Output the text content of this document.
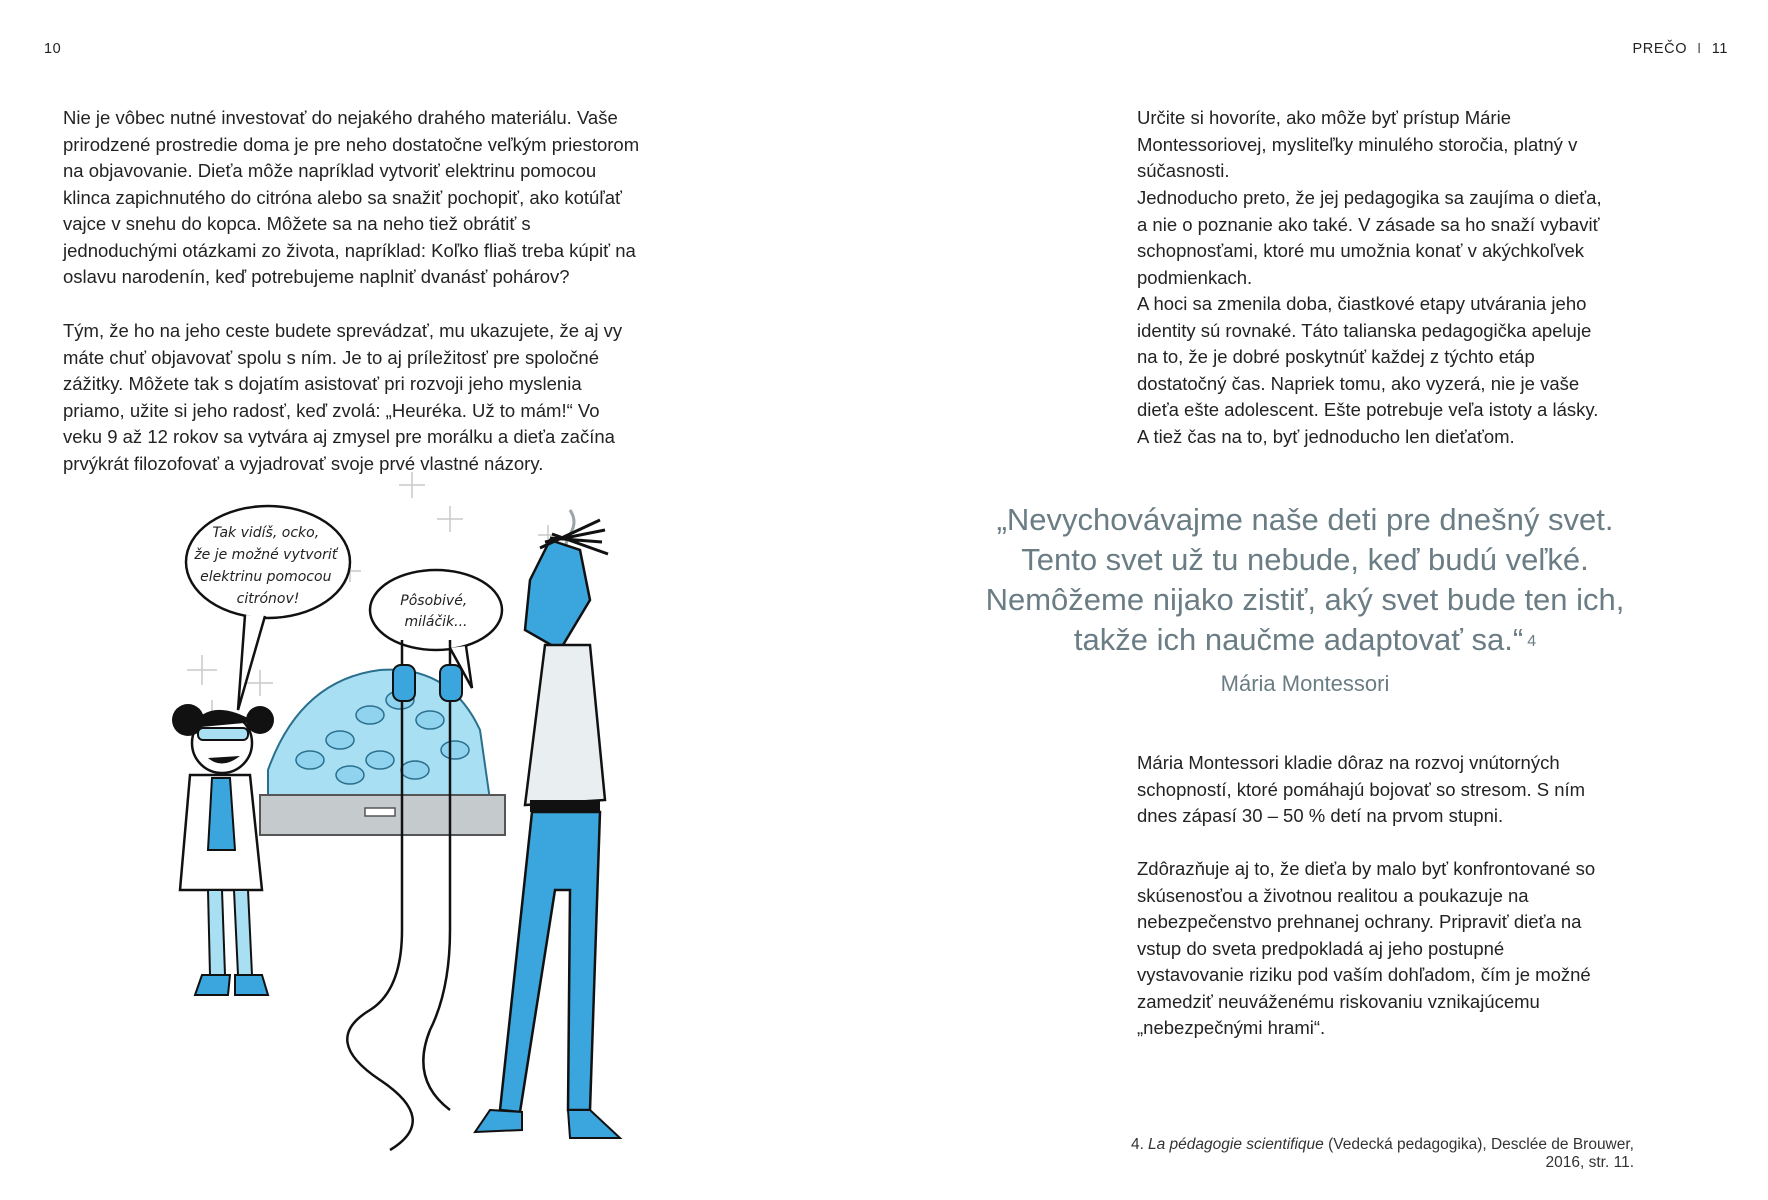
10

Nie je vôbec nutné investovať do nejakého drahého materiálu. Vaše prirodzené prostredie doma je pre neho dostatočne veľkým priestorom na objavovanie. Dieťa môže napríklad vytvoriť elektrinu pomocou klinca zapichnutého do citróna alebo sa snažiť pochopiť, ako kotúľať vajce v snehu do kopca. Môžete sa na neho tiež obrátiť s jednoduchými otázkami zo života, napríklad: Koľko fliaš treba kúpiť na oslavu narodenín, keď potrebujeme naplniť dvanásť pohárov?

Tým, že ho na jeho ceste budete sprevádzať, mu ukazujete, že aj vy máte chuť objavovať spolu s ním. Je to aj príležitosť pre spoločné zážitky. Môžete tak s dojatím asistovať pri rozvoji jeho myslenia priamo, užite si jeho radosť, keď zvolá: „Heuréka. Už to mám!“ Vo veku 9 až 12 rokov sa vytvára aj zmysel pre morálku a dieťa začína prvýkrát filozofovať a vyjadrovať svoje prvé vlastné názory.

Tak vidíš, ocko, že je možné vytvoriť elektrinu pomocou citrónov!	Pôsobivé, miláčik...
PREČO I 11

Určite si hovoríte, ako môže byť prístup Márie Montessoriovej, mysliteľky minulého storočia, platný v súčasnosti.

Jednoducho preto, že jej pedagogika sa zaujíma o dieťa, a nie o poznanie ako také. V zásade sa ho snaží vybaviť schopnosťami, ktoré mu umožnia konať v akýchkoľvek podmienkach.

A hoci sa zmenila doba, čiastkové etapy utvárania jeho identity sú rovnaké. Táto talianska pedagogička apeluje na to, že je dobré poskytnúť každej z týchto etáp dostatočný čas. Napriek tomu, ako vyzerá, nie je vaše dieťa ešte adolescent. Ešte potrebuje veľa istoty a lásky. A tiež čas na to, byť jednoducho len dieťaťom.

„Nevychovávajme naše deti pre dnešný svet.
Tento svet už tu nebude, keď budú veľké.
Nemôžeme nijako zistiť, aký svet bude ten ich,
takže ich naučme adaptovať sa.“ $^4$

Mária Montessori

Mária Montessori kladie dôraz na rozvoj vnútorných schopností, ktoré pomáhajú bojovať so stresom. S ním dnes zápasí 30 – 50 % detí na prvom stupni.

Zdôrazňuje aj to, že dieťa by malo byť konfrontované so skúsenosťou a životnou realitou a poukazuje na nebezpečenstvo prehnanej ochrany. Pripraviť dieťa na vstup do sveta predpokladá aj jeho postupné vystavovanie riziku pod vaším dohľadom, čím je možné zamedziť neuváženému riskovaniu vznikajúcemu „nebezpečnými hrami“.

4. La pédagogie scientifique (Vedecká pedagogika), Desclée de Brouwer, 2016, str. 11.
